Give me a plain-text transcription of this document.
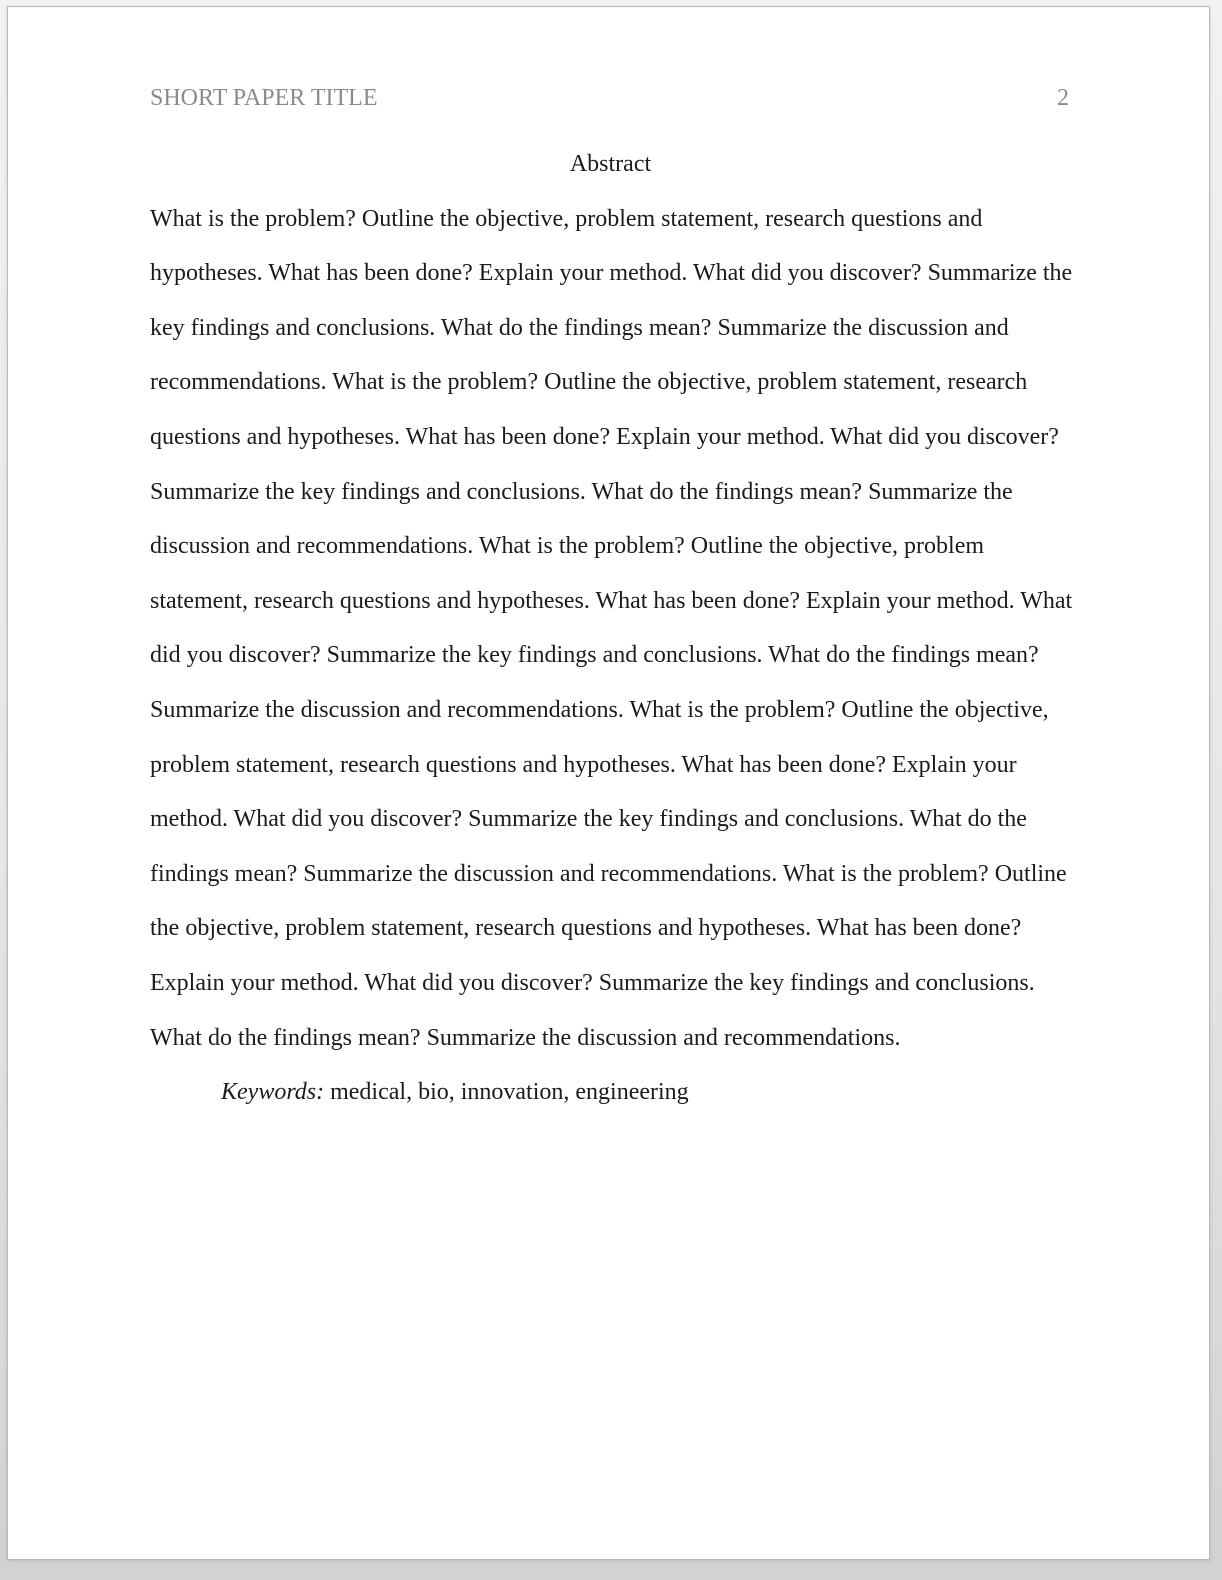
SHORT PAPER TITLE	2
Abstract
What is the problem? Outline the objective, problem statement, research questions and
hypotheses. What has been done? Explain your method. What did you discover? Summarize the
key findings and conclusions. What do the findings mean? Summarize the discussion and
recommendations. What is the problem? Outline the objective, problem statement, research
questions and hypotheses. What has been done? Explain your method. What did you discover?
Summarize the key findings and conclusions. What do the findings mean? Summarize the
discussion and recommendations. What is the problem? Outline the objective, problem
statement, research questions and hypotheses. What has been done? Explain your method. What
did you discover? Summarize the key findings and conclusions. What do the findings mean?
Summarize the discussion and recommendations. What is the problem? Outline the objective,
problem statement, research questions and hypotheses. What has been done? Explain your
method. What did you discover? Summarize the key findings and conclusions. What do the
findings mean? Summarize the discussion and recommendations. What is the problem? Outline
the objective, problem statement, research questions and hypotheses. What has been done?
Explain your method. What did you discover? Summarize the key findings and conclusions.
What do the findings mean? Summarize the discussion and recommendations.
Keywords: medical, bio, innovation, engineering
